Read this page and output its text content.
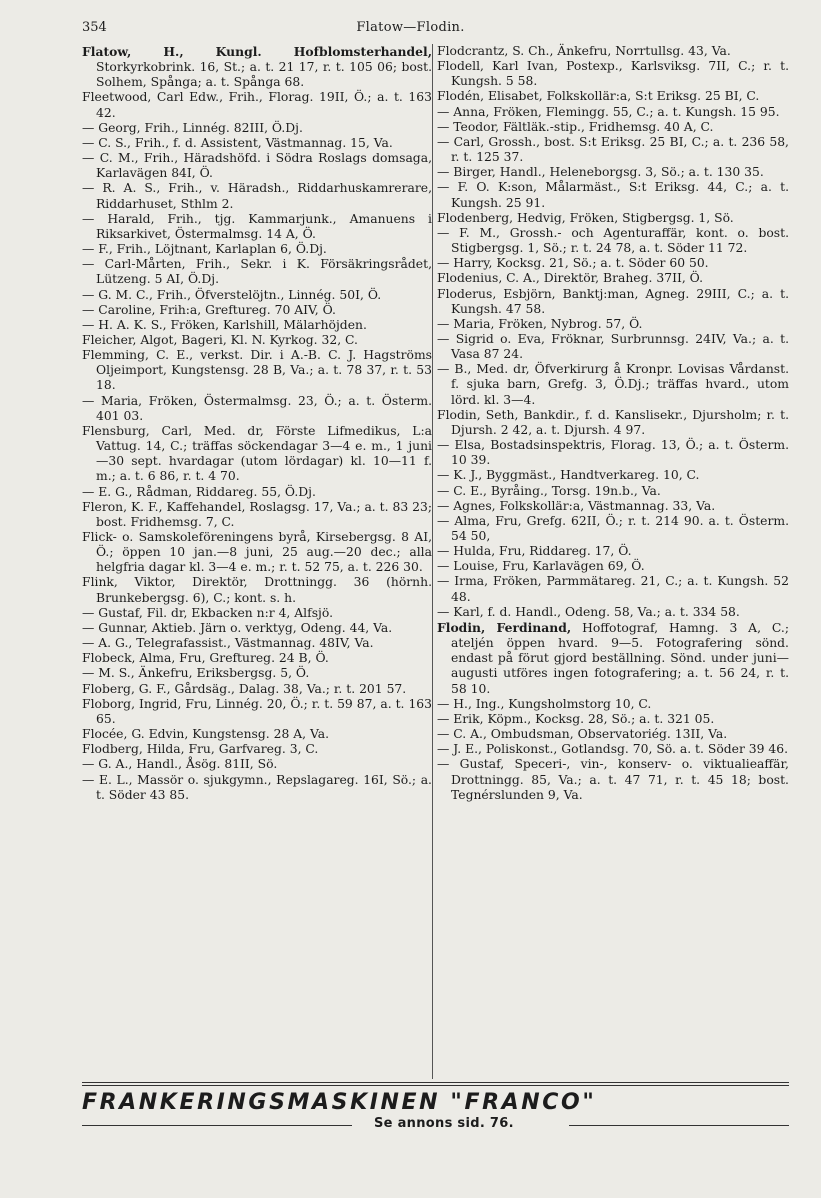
354	Flatow—Flodin.

Flatow, H., Kungl. Hofblomsterhandel, Storkyrkobrink. 16, St.; a. t. 21 17, r. t. 105 06; bost. Solhem, Spånga; a. t. Spånga 68.

Fleetwood, Carl Edw., Frih., Florag. 19II, Ö.; a. t. 163 42.

— Georg, Frih., Linnég. 82III, Ö.Dj.

— C. S., Frih., f. d. Assistent, Västmannag. 15, Va.

— C. M., Frih., Häradshöfd. i Södra Roslags domsaga, Karlavägen 84I, Ö.

— R. A. S., Frih., v. Häradsh., Riddarhuskamrerare, Riddarhuset, Sthlm 2.

— Harald, Frih., tjg. Kammarjunk., Amanuens i Riksarkivet, Östermalmsg. 14 A, Ö.

— F., Frih., Löjtnant, Karlaplan 6, Ö.Dj.

— Carl-Mårten, Frih., Sekr. i K. Försäkringsrådet, Lützeng. 5 AI, Ö.Dj.

— G. M. C., Frih., Öfverstelöjtn., Linnég. 50I, Ö.

— Caroline, Frih:a, Greftureg. 70 AIV, Ö.

— H. A. K. S., Fröken, Karlshill, Mälarhöjden.

Fleicher, Algot, Bageri, Kl. N. Kyrkog. 32, C.

Flemming, C. E., verkst. Dir. i A.-B. C. J. Hagströms Oljeimport, Kungstensg. 28 B, Va.; a. t. 78 37, r. t. 53 18.

— Maria, Fröken, Östermalmsg. 23, Ö.; a. t. Österm. 401 03.

Flensburg, Carl, Med. dr, Förste Lifmedikus, L:a Vattug. 14, C.; träffas söckendagar 3—4 e. m., 1 juni—30 sept. hvardagar (utom lördagar) kl. 10—11 f. m.; a. t. 6 86, r. t. 4 70.

— E. G., Rådman, Riddareg. 55, Ö.Dj.

Fleron, K. F., Kaffehandel, Roslagsg. 17, Va.; a. t. 83 23; bost. Fridhemsg. 7, C.

Flick- o. Samskoleföreningens byrå, Kirsebergsg. 8 AI, Ö.; öppen 10 jan.—8 juni, 25 aug.—20 dec.; alla helgfria dagar kl. 3—4 e. m.; r. t. 52 75, a. t. 226 30.

Flink, Viktor, Direktör, Drottningg. 36 (hörnh. Brunkebergsg. 6), C.; kont. s. h.

— Gustaf, Fil. dr, Ekbacken n:r 4, Alfsjö.

— Gunnar, Aktieb. Järn o. verktyg, Odeng. 44, Va.

— A. G., Telegrafassist., Västmannag. 48IV, Va.

Flobeck, Alma, Fru, Greftureg. 24 B, Ö.

— M. S., Änkefru, Eriksbergsg. 5, Ö.

Floberg, G. F., Gårdsäg., Dalag. 38, Va.; r. t. 201 57.

Floborg, Ingrid, Fru, Linnég. 20, Ö.; r. t. 59 87, a. t. 163 65.

Flocée, G. Edvin, Kungstensg. 28 A, Va.

Flodberg, Hilda, Fru, Garfvareg. 3, C.

— G. A., Handl., Åsög. 81II, Sö.

— E. L., Massör o. sjukgymn., Repslagareg. 16I, Sö.; a. t. Söder 43 85.

Flodcrantz, S. Ch., Änkefru, Norrtullsg. 43, Va.

Flodell, Karl Ivan, Postexp., Karlsviksg. 7II, C.; r. t. Kungsh. 5 58.

Flodén, Elisabet, Folkskollär:a, S:t Eriksg. 25 BI, C.

— Anna, Fröken, Flemingg. 55, C.; a. t. Kungsh. 15 95.

— Teodor, Fältläk.-stip., Fridhemsg. 40 A, C.

— Carl, Grossh., bost. S:t Eriksg. 25 BI, C.; a. t. 236 58, r. t. 125 37.

— Birger, Handl., Heleneborgsg. 3, Sö.; a. t. 130 35.

— F. O. K:son, Målarmäst., S:t Eriksg. 44, C.; a. t. Kungsh. 25 91.

Flodenberg, Hedvig, Fröken, Stigbergsg. 1, Sö.

— F. M., Grossh.- och Agenturaffär, kont. o. bost. Stigbergsg. 1, Sö.; r. t. 24 78, a. t. Söder 11 72.

— Harry, Kocksg. 21, Sö.; a. t. Söder 60 50.

Flodenius, C. A., Direktör, Braheg. 37II, Ö.

Floderus, Esbjörn, Banktj:man, Agneg. 29III, C.; a. t. Kungsh. 47 58.

— Maria, Fröken, Nybrog. 57, Ö.

— Sigrid o. Eva, Fröknar, Surbrunnsg. 24IV, Va.; a. t. Vasa 87 24.

— B., Med. dr, Öfverkirurg å Kronpr. Lovisas Vårdanst. f. sjuka barn, Grefg. 3, Ö.Dj.; träffas hvard., utom lörd. kl. 3—4.

Flodin, Seth, Bankdir., f. d. Kanslisekr., Djursholm; r. t. Djursh. 2 42, a. t. Djursh. 4 97.

— Elsa, Bostadsinspektris, Florag. 13, Ö.; a. t. Österm. 10 39.

— K. J., Byggmäst., Handtverkareg. 10, C.

— C. E., Byråing., Torsg. 19n.b., Va.

— Agnes, Folkskollär:a, Västmannag. 33, Va.

— Alma, Fru, Grefg. 62II, Ö.; r. t. 214 90. a. t. Österm. 54 50,

— Hulda, Fru, Riddareg. 17, Ö.

— Louise, Fru, Karlavägen 69, Ö.

— Irma, Fröken, Parmmätareg. 21, C.; a. t. Kungsh. 52 48.

— Karl, f. d. Handl., Odeng. 58, Va.; a. t. 334 58.

Flodin, Ferdinand, Hoffotograf, Hamng. 3 A, C.; ateljén öppen hvard. 9—5. Fotografering sönd. endast på förut gjord beställning. Sönd. under juni—augusti utföres ingen fotografering; a. t. 56 24, r. t. 58 10.

— H., Ing., Kungsholmstorg 10, C.

— Erik, Köpm., Kocksg. 28, Sö.; a. t. 321 05.

— C. A., Ombudsman, Observatoriég. 13II, Va.

— J. E., Poliskonst., Gotlandsg. 70, Sö. a. t. Söder 39 46.

— Gustaf, Speceri-, vin-, konserv- o. viktualieaffär, Drottningg. 85, Va.; a. t. 47 71, r. t. 45 18; bost. Tegnérslunden 9, Va.

FRANKERINGSMASKINEN "FRANCO"
Se annons sid. 76.
